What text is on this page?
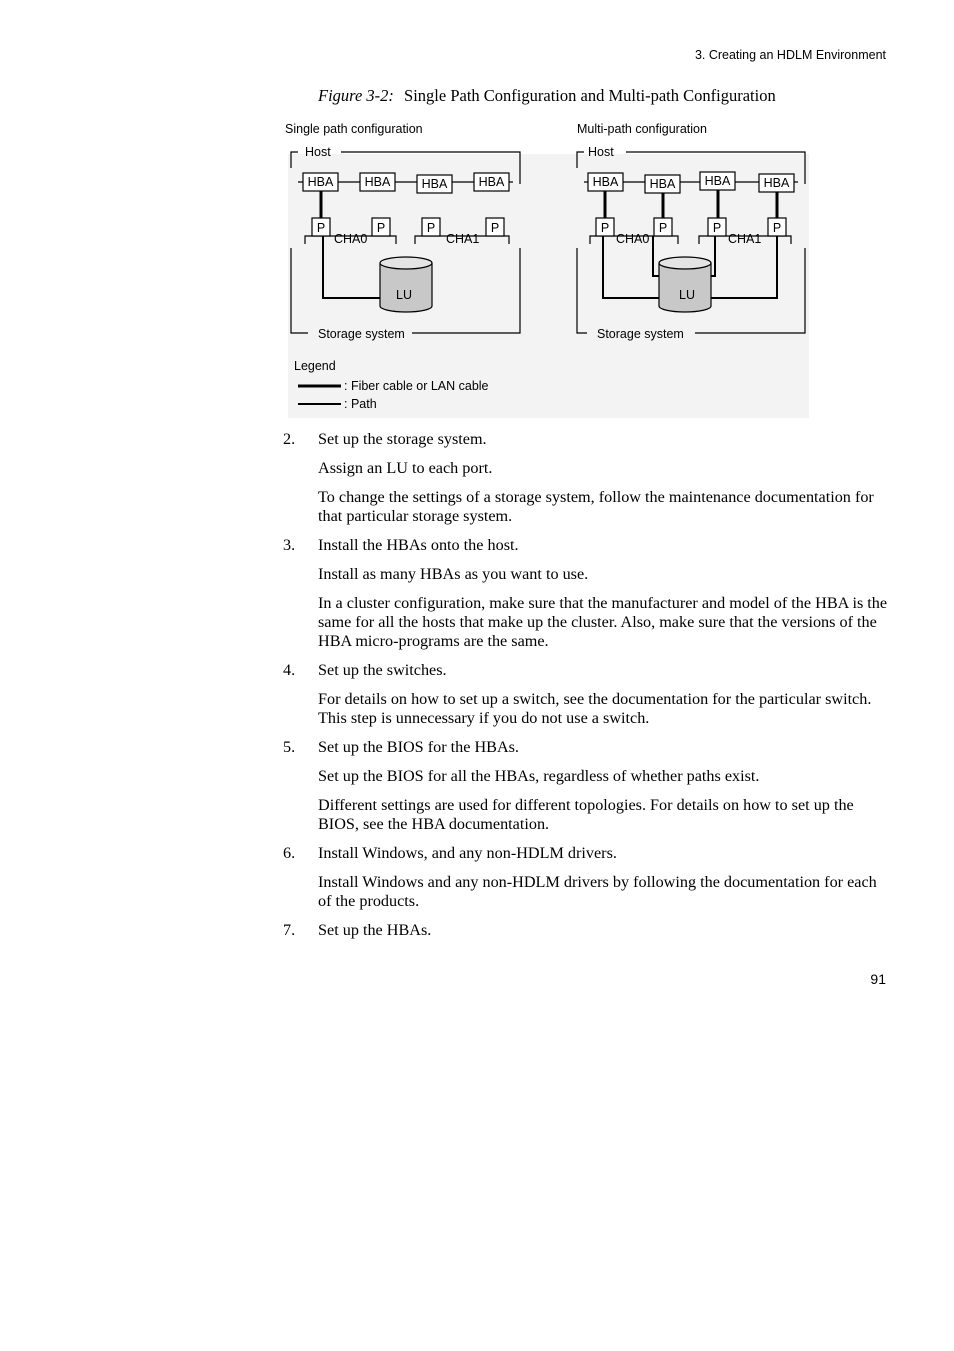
3. Creating an HDLM Environment
Figure 3-2: Single Path Configuration and Multi-path Configuration
Single path configuration
Host
HBA	HBA	HBA	HBA
Storage system
CHA0	CHA1
P	P	P	P
LU
Multi-path configuration
Host
HBA	HBA HBA	HBA
Storage system
CHA0	CHA1
P	P	P	P
LU
Legend
: Fiber cable or LAN cable
: Path
2. Set up the storage system.

Assign an LU to each port.

To change the settings of a storage system, follow the maintenance documentation for that particular storage system.

3. Install the HBAs onto the host.

Install as many HBAs as you want to use.

In a cluster configuration, make sure that the manufacturer and model of the HBA is the same for all the hosts that make up the cluster. Also, make sure that the versions of the HBA micro-programs are the same.

4. Set up the switches.

For details on how to set up a switch, see the documentation for the particular switch. This step is unnecessary if you do not use a switch.

5. Set up the BIOS for the HBAs.

Set up the BIOS for all the HBAs, regardless of whether paths exist.

Different settings are used for different topologies. For details on how to set up the BIOS, see the HBA documentation.

6. Install Windows, and any non-HDLM drivers.

Install Windows and any non-HDLM drivers by following the documentation for each of the products.

7. Set up the HBAs.

91
